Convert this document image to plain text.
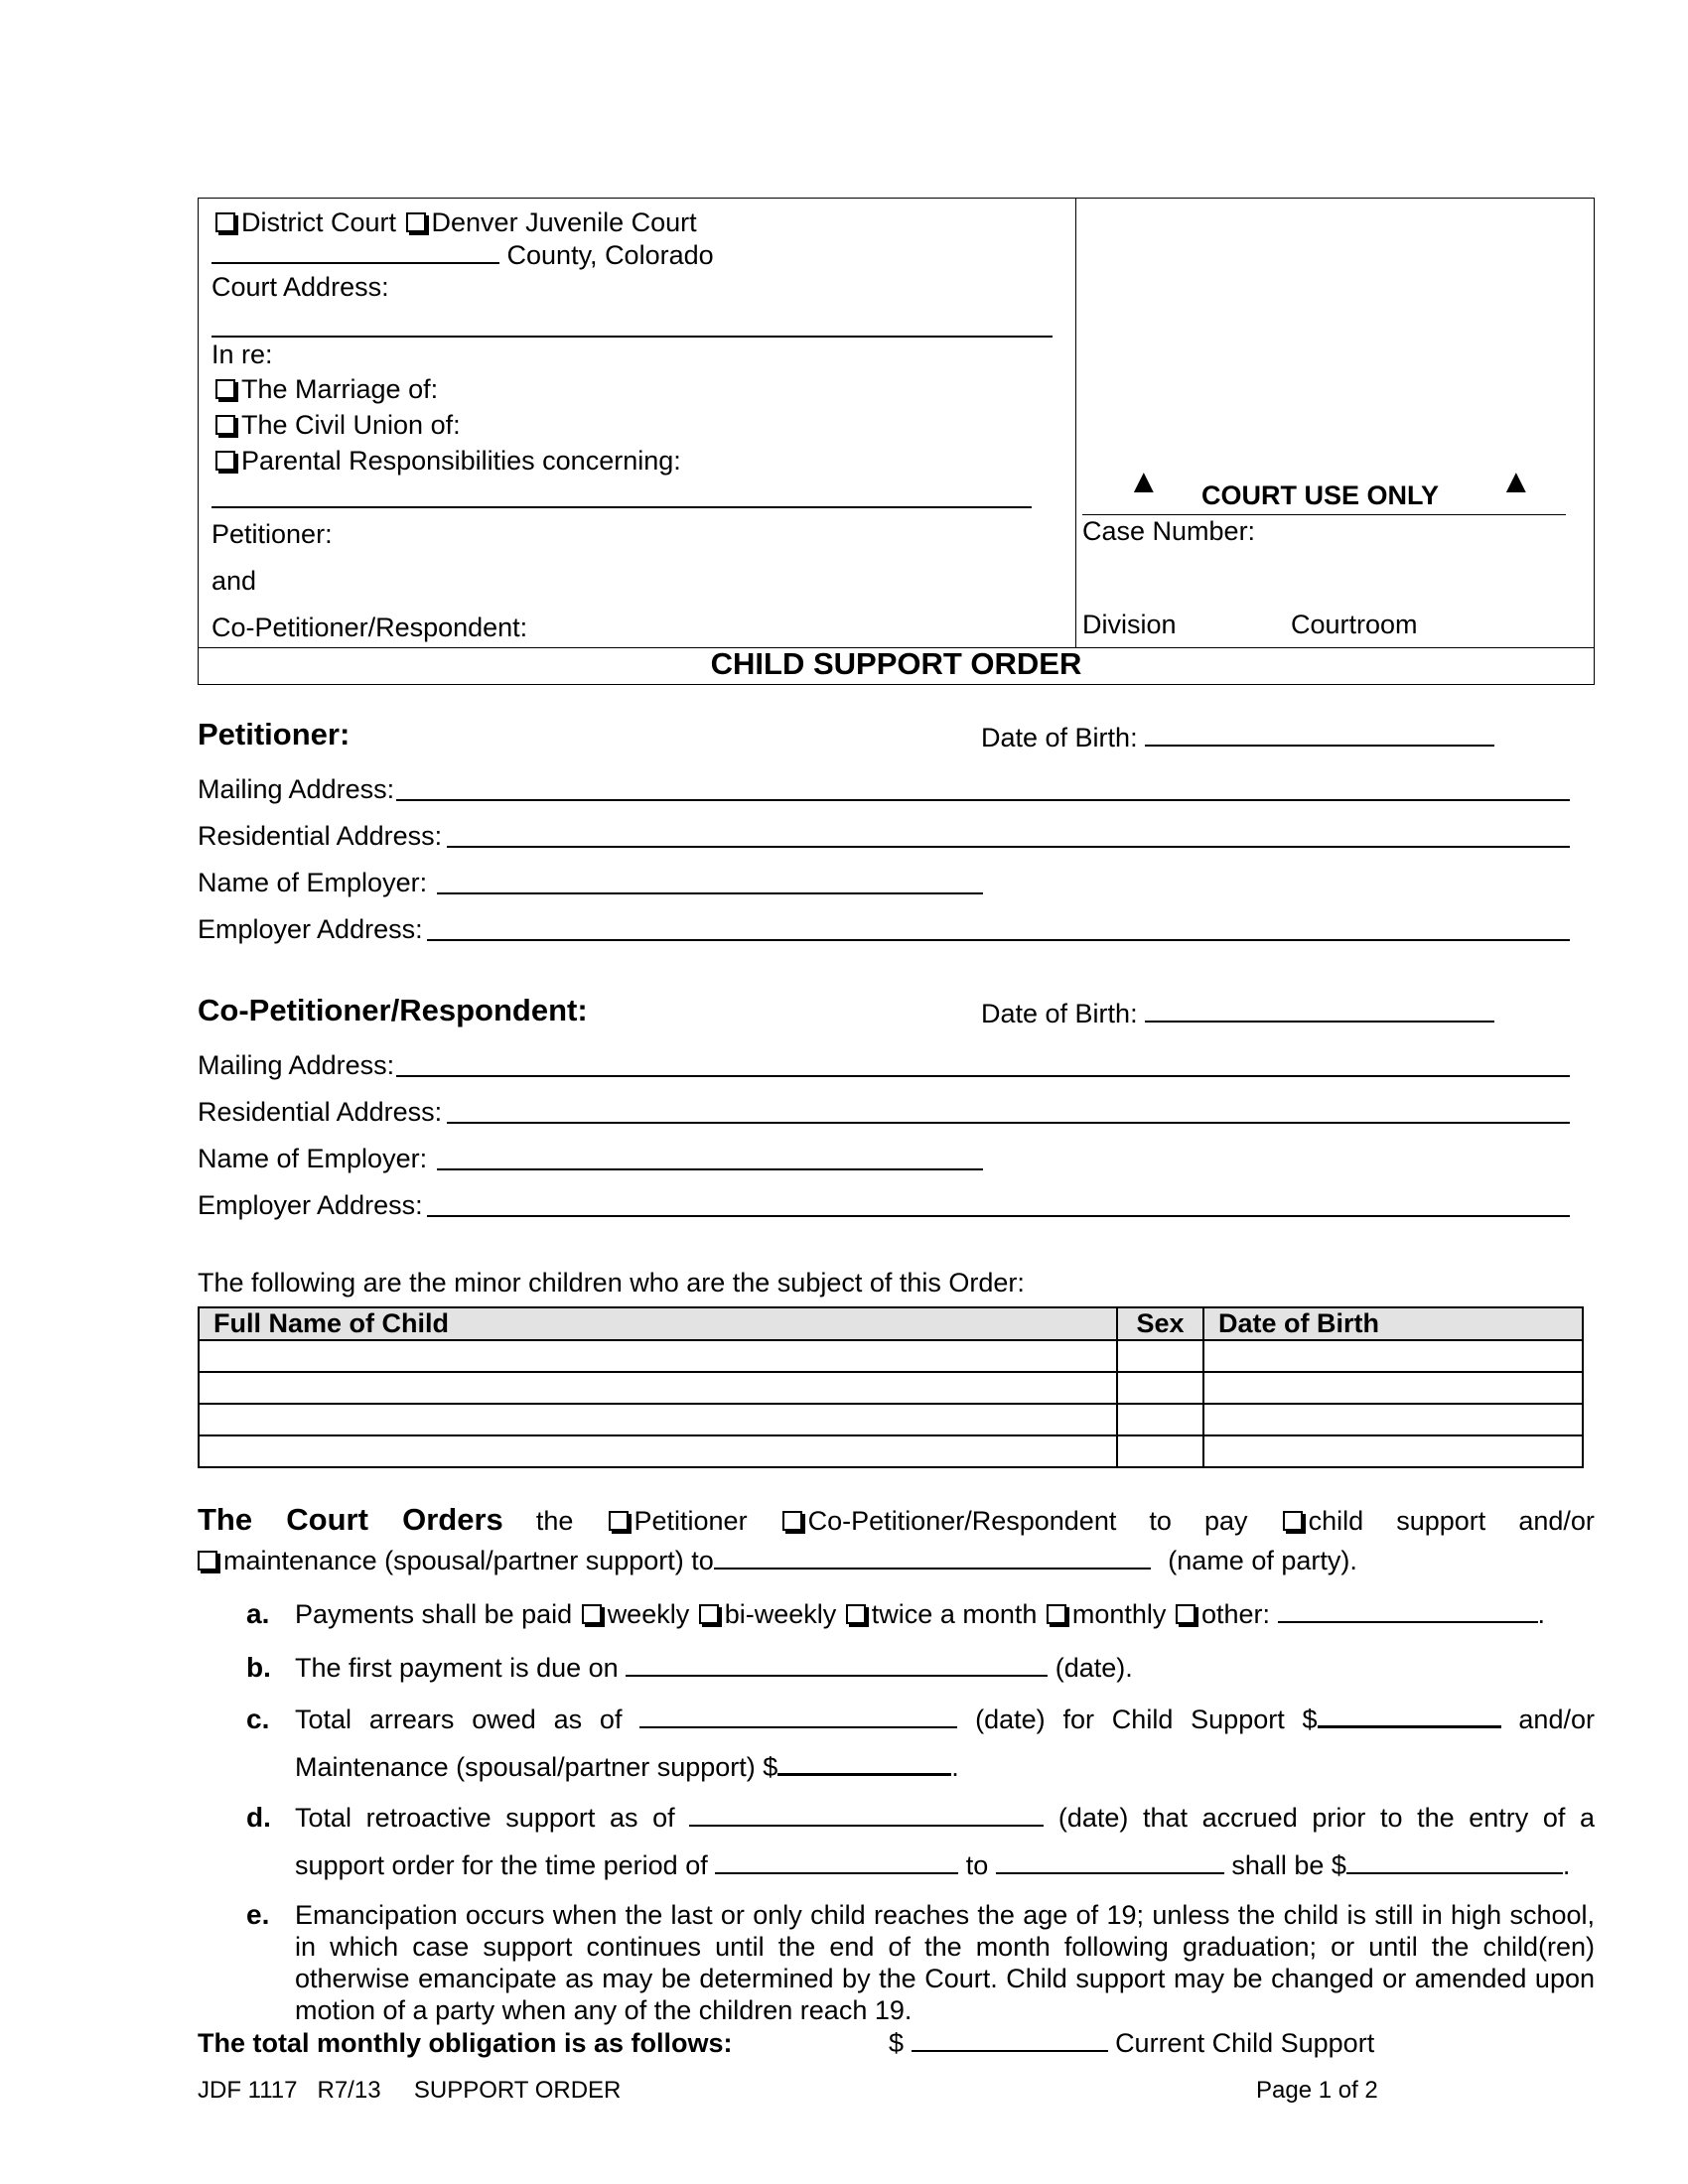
District Court Denver Juvenile Court
County, Colorado
Court Address:
In re:
The Marriage of:
The Civil Union of:
Parental Responsibilities concerning:
Petitioner:
and
Co-Petitioner/Respondent:
▲ COURT USE ONLY ▲
Case Number:
Division	Courtroom
CHILD SUPPORT ORDER
Petitioner:	Date of Birth:
Mailing Address:
Residential Address:
Name of Employer:
Employer Address:
Co-Petitioner/Respondent:	Date of Birth:
Mailing Address:
Residential Address:
Name of Employer:
Employer Address:
The following are the minor children who are the subject of this Order:
Full Name of Child	Sex	Date of Birth

The Court Orders the Petitioner Co-Petitioner/Respondent to pay child support and/or
maintenance (spousal/partner support) to	(name of party).
a. Payments shall be paid weekly bi-weekly twice a month monthly other:	.
b. The first payment is due on	(date).
c. Total arrears owed as of	(date) for Child Support $	and/or
Maintenance (spousal/partner support) $	.
d. Total retroactive support as of	(date) that accrued prior to the entry of a
support order for the time period of	to	shall be $	.
e. Emancipation occurs when the last or only child reaches the age of 19; unless the child is still in high school, in which case support continues until the end of the month following graduation; or until the child(ren) otherwise emancipate as may be determined by the Court. Child support may be changed or amended upon motion of a party when any of the children reach 19.
The total monthly obligation is as follows:	$	Current Child Support
JDF 1117   R7/13     SUPPORT ORDER	Page 1 of 2
